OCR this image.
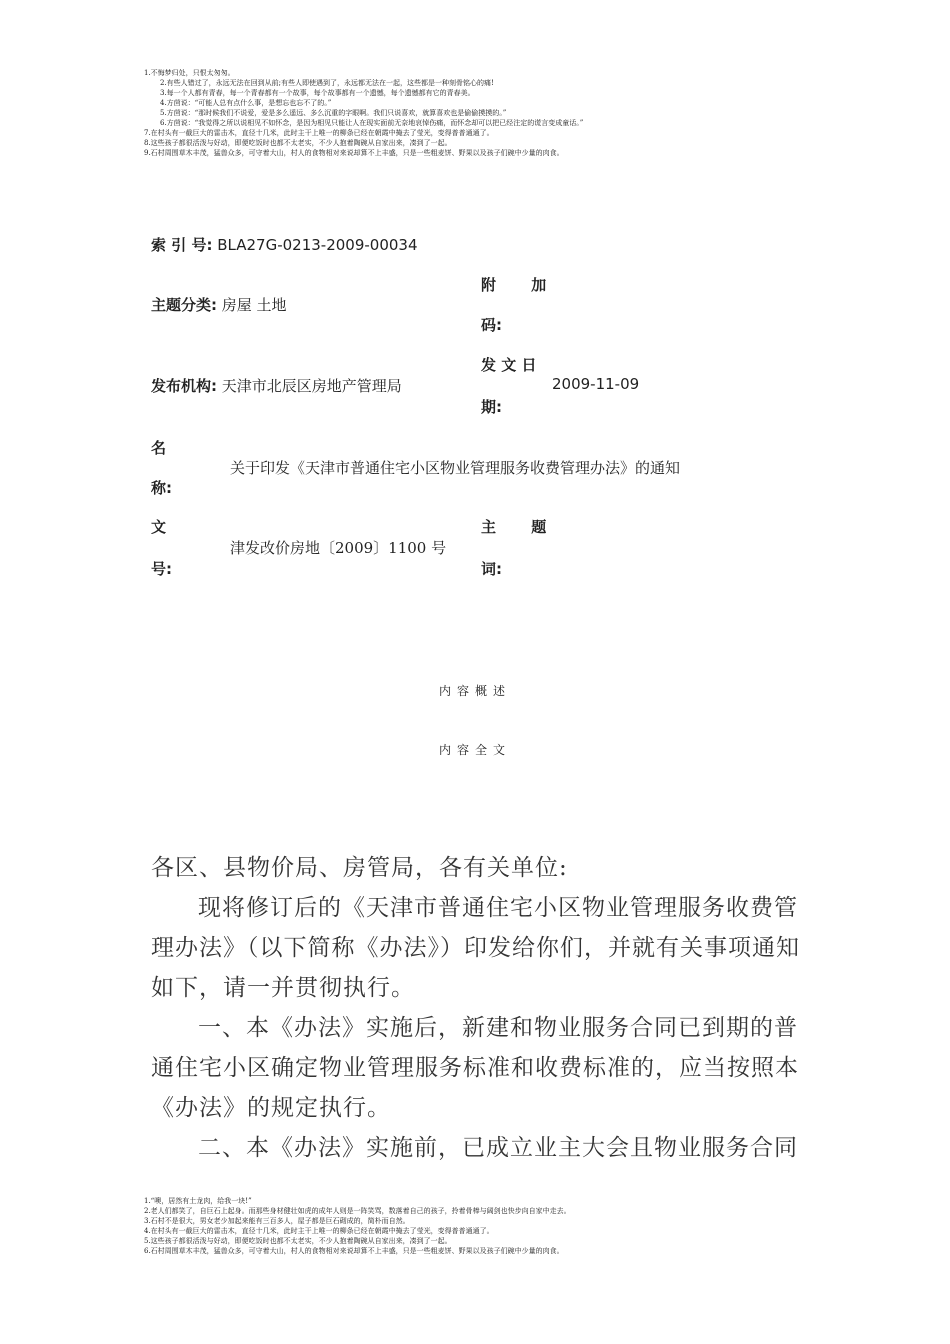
1.不悔梦归处，只恨太匆匆。
2.有些人错过了，永远无法在回到从前;有些人即使遇到了，永远都无法在一起，这些都是一种刻骨铭心的痛!
3.每一个人都有青春，每一个青春都有一个故事，每个故事都有一个遗憾，每个遗憾都有它的青春美。
4.方茴说：“可能人总有点什么事，是想忘也忘不了的。”
5.方茴说：“那时候我们不说爱，爱是多么遥远、多么沉重的字眼啊。我们只说喜欢，就算喜欢也是偷偷摸摸的。”
6.方茴说：“我觉得之所以说相见不如怀念，是因为相见只能让人在现实面前无奈地哀悼伤痛，而怀念却可以把已经注定的谎言变成童话。”
7.在村头有一截巨大的雷击木，直径十几米，此时主干上唯一的柳条已经在朝霞中掩去了莹光，变得普普通通了。
8.这些孩子都很活泼与好动，即便吃饭时也都不太老实，不少人抱着陶碗从自家出来，凑到了一起。
9.石村周围草木丰茂，猛兽众多，可守着大山，村人的食物相对来说却算不上丰盛，只是一些粗麦饼、野果以及孩子们碗中少量的肉食。
索 引 号: BLA27G-0213-2009-00034
主题分类: 房屋 土地
附 加
码:
发布机构: 天津市北辰区房地产管理局
发 文 日
期:
2009-11-09
名
称:
关于印发《天津市普通住宅小区物业管理服务收费管理办法》的通知
文
号:
津发改价房地〔2009〕1100 号
主 题
词:
内容概述
内容全文

各区、县物价局、房管局，各有关单位:

现将修订后的《天津市普通住宅小区物业管理服务收费管理办法》（以下简称《办法》）印发给你们，并就有关事项通知如下，请一并贯彻执行。

一、本《办法》实施后，新建和物业服务合同已到期的普通住宅小区确定物业管理服务标准和收费标准的，应当按照本《办法》的规定执行。

二、本《办法》实施前，已成立业主大会且物业服务合同

1.“噢，居然有土龙肉，给我一块!”
2.老人们都笑了，自巨石上起身。而那些身材健壮如虎的成年人则是一阵笑骂，数落着自己的孩子，拎着骨棒与阔剑也快步向自家中走去。
3.石村不是很大，男女老少加起来能有三百多人，屋子都是巨石砌成的，简朴而自然。
4.在村头有一截巨大的雷击木，直径十几米，此时主干上唯一的柳条已经在朝霞中掩去了莹光，变得普普通通了。
5.这些孩子都很活泼与好动，即便吃饭时也都不太老实，不少人抱着陶碗从自家出来，凑到了一起。
6.石村周围草木丰茂，猛兽众多，可守着大山，村人的食物相对来说却算不上丰盛，只是一些粗麦饼、野果以及孩子们碗中少量的肉食。
